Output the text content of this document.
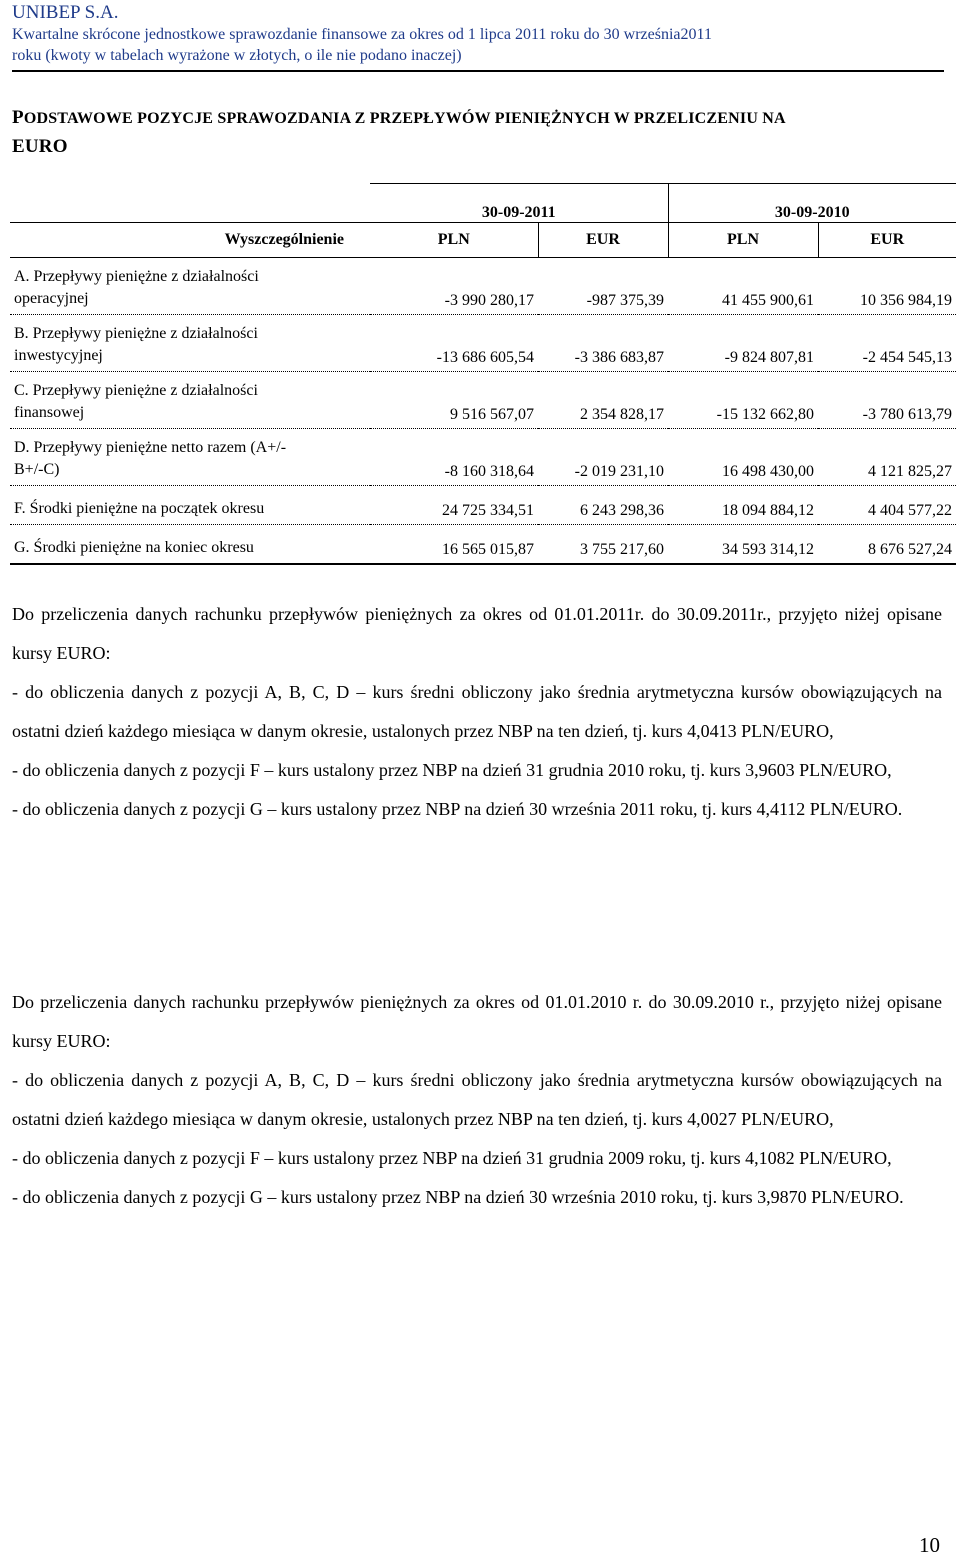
UNIBEP S.A.
Kwartalne skrócone jednostkowe sprawozdanie finansowe za okres od 1 lipca 2011 roku do 30 września2011
roku (kwoty w tabelach wyrażone w złotych, o ile nie podano inaczej)
PODSTAWOWE POZYCJE SPRAWOZDANIA Z PRZEPŁYWÓW PIENIĘŻNYCH W PRZELICZENIU NA
EURO
	30-09-2011		30-09-2010	
Wyszczególnienie	PLN	EUR	PLN	EUR
A. Przepływy pieniężne z działalności
operacyjnej	-3 990 280,17	-987 375,39	41 455 900,61	10 356 984,19
B. Przepływy pieniężne z działalności
inwestycyjnej	-13 686 605,54	-3 386 683,87	-9 824 807,81	-2 454 545,13
C. Przepływy pieniężne z działalności
finansowej	9 516 567,07	2 354 828,17	-15 132 662,80	-3 780 613,79
D. Przepływy pieniężne netto razem (A+/-
B+/-C)	-8 160 318,64	-2 019 231,10	16 498 430,00	4 121 825,27
F. Środki pieniężne na początek okresu	24 725 334,51	6 243 298,36	18 094 884,12	4 404 577,22
G. Środki pieniężne na koniec okresu	16 565 015,87	3 755 217,60	34 593 314,12	8 676 527,24

Do przeliczenia danych rachunku przepływów pieniężnych za okres od 01.01.2011r. do 30.09.2011r., przyjęto niżej opisane kursy EURO:

- do obliczenia danych z pozycji A, B, C, D – kurs średni obliczony jako średnia arytmetyczna kursów obowiązujących na ostatni dzień każdego miesiąca w danym okresie, ustalonych przez NBP na ten dzień, tj. kurs 4,0413 PLN/EURO,

- do obliczenia danych z pozycji F – kurs ustalony przez NBP na dzień 31 grudnia 2010 roku, tj. kurs 3,9603 PLN/EURO,

- do obliczenia danych z pozycji G – kurs ustalony przez NBP na dzień 30 września 2011 roku, tj. kurs 4,4112 PLN/EURO.

Do przeliczenia danych rachunku przepływów pieniężnych za okres od 01.01.2010 r. do 30.09.2010 r., przyjęto niżej opisane kursy EURO:

- do obliczenia danych z pozycji A, B, C, D – kurs średni obliczony jako średnia arytmetyczna kursów obowiązujących na ostatni dzień każdego miesiąca w danym okresie, ustalonych przez NBP na ten dzień, tj. kurs 4,0027 PLN/EURO,

- do obliczenia danych z pozycji F – kurs ustalony przez NBP na dzień 31 grudnia 2009 roku, tj. kurs 4,1082 PLN/EURO,

- do obliczenia danych z pozycji G – kurs ustalony przez NBP na dzień 30 września 2010 roku, tj. kurs 3,9870 PLN/EURO.

10
